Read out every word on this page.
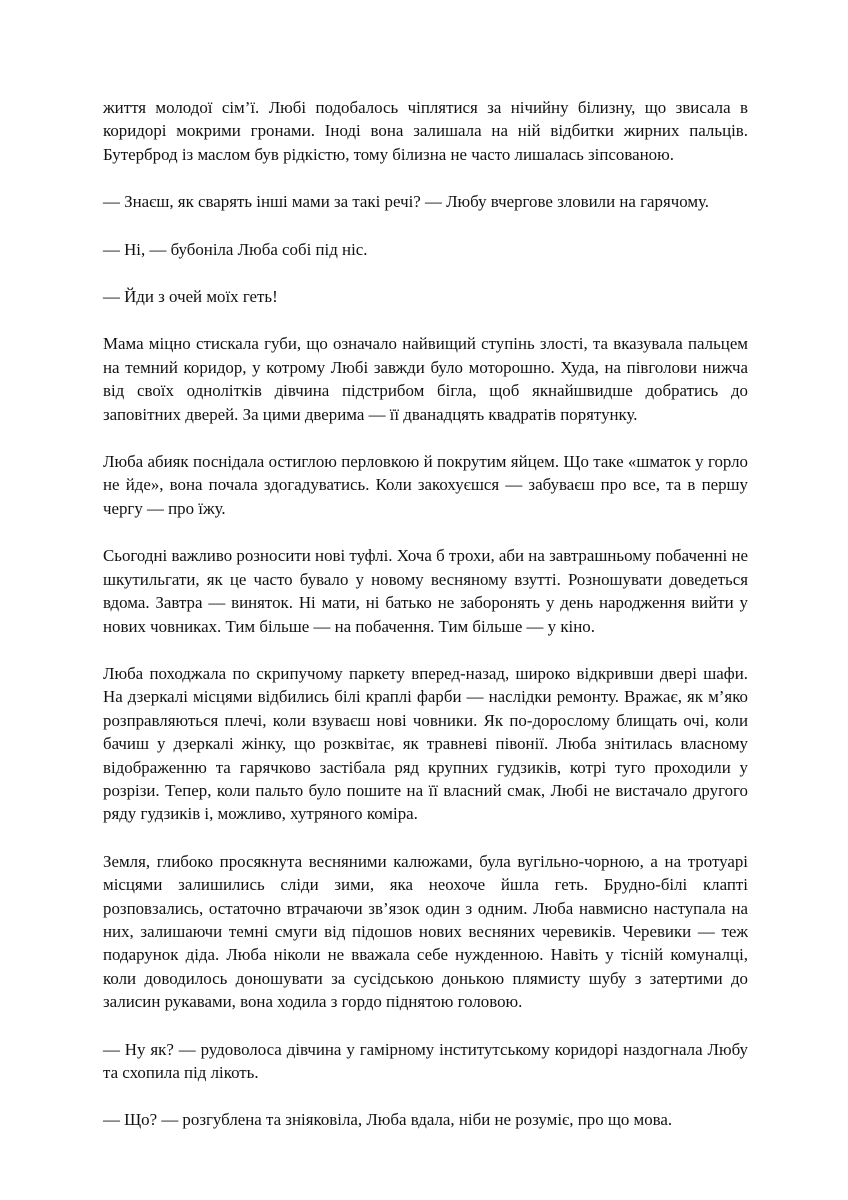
життя молодої сім’ї. Любі подобалось чіплятися за нічийну білизну, що звисала в коридорі мокрими гронами. Іноді вона залишала на ній відбитки жирних пальців. Бутерброд із маслом був рідкістю, тому білизна не часто лишалась зіпсованою.

— Знаєш, як сварять інші мами за такі речі? — Любу вчергове зловили на гарячому.

— Ні, — бубоніла Люба собі під ніс.

— Йди з очей моїх геть!

Мама міцно стискала губи, що означало найвищий ступінь злості, та вказувала пальцем на темний коридор, у котрому Любі завжди було моторошно. Худа, на півголови нижча від своїх однолітків дівчина підстрибом бігла, щоб якнайшвидше добратись до заповітних дверей. За цими дверима — її дванадцять квадратів порятунку.

Люба абияк поснідала остиглою перловкою й покрутим яйцем. Що таке «шматок у горло не йде», вона почала здогадуватись. Коли закохуєшся — забуваєш про все, та в першу чергу — про їжу.

Сьогодні важливо розносити нові туфлі. Хоча б трохи, аби на завтрашньому побаченні не шкутильгати, як це часто бувало у новому весняному взутті. Розношувати доведеться вдома. Завтра — виняток. Ні мати, ні батько не заборонять у день народження вийти у нових човниках. Тим більше — на побачення. Тим більше — у кіно.

Люба походжала по скрипучому паркету вперед-назад, широко відкривши двері шафи. На дзеркалі місцями відбились білі краплі фарби — наслідки ремонту. Вражає, як м’яко розправляються плечі, коли взуваєш нові човники. Як по-дорослому блищать очі, коли бачиш у дзеркалі жінку, що розквітає, як травневі півонії. Люба знітилась власному відображенню та гарячково застібала ряд крупних гудзиків, котрі туго проходили у розрізи. Тепер, коли пальто було пошите на її власний смак, Любі не вистачало другого ряду гудзиків і, можливо, хутряного коміра.

Земля, глибоко просякнута весняними калюжами, була вугільно-чорною, а на тротуарі місцями залишились сліди зими, яка неохоче йшла геть. Брудно-білі клапті розповзались, остаточно втрачаючи зв’язок один з одним. Люба навмисно наступала на них, залишаючи темні смуги від підошов нових весняних черевиків. Черевики — теж подарунок діда. Люба ніколи не вважала себе нужденною. Навіть у тісній комуналці, коли доводилось доношувати за сусідською донькою плямисту шубу з затертими до залисин рукавами, вона ходила з гордо піднятою головою.

— Ну як? — рудоволоса дівчина у гамірному інститутському коридорі наздогнала Любу та схопила під лікоть.

— Що? — розгублена та зніяковіла, Люба вдала, ніби не розуміє, про що мова.
